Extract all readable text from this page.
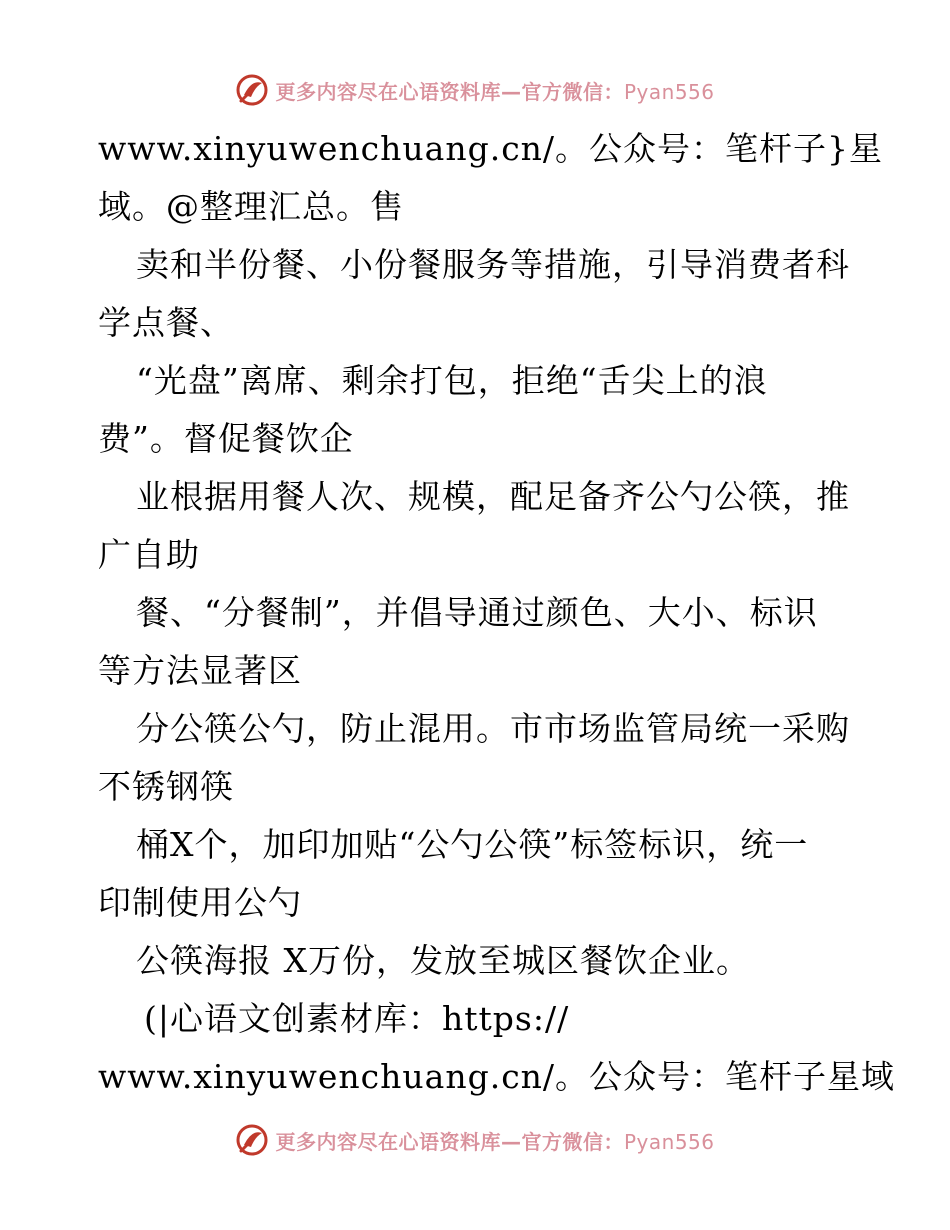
更多内容尽在心语资料库—官方微信：Pyan556
www.xinyuwenchuang.cn/。公众号：笔杆子}星
域。@整理汇总。售
卖和半份餐、小份餐服务等措施，引导消费者科
学点餐、
“光盘”离席、剩余打包，拒绝“舌尖上的浪
费”。督促餐饮企
业根据用餐人次、规模，配足备齐公勺公筷，推
广自助
餐、“分餐制”，并倡导通过颜色、大小、标识
等方法显著区
分公筷公勺，防止混用。市市场监管局统一采购
不锈钢筷
桶X个，加印加贴“公勺公筷”标签标识，统一
印制使用公勺
公筷海报 X万份，发放至城区餐饮企业。
(|心语文创素材库：https://
www.xinyuwenchuang.cn/。公众号：笔杆子星域
更多内容尽在心语资料库—官方微信：Pyan556
